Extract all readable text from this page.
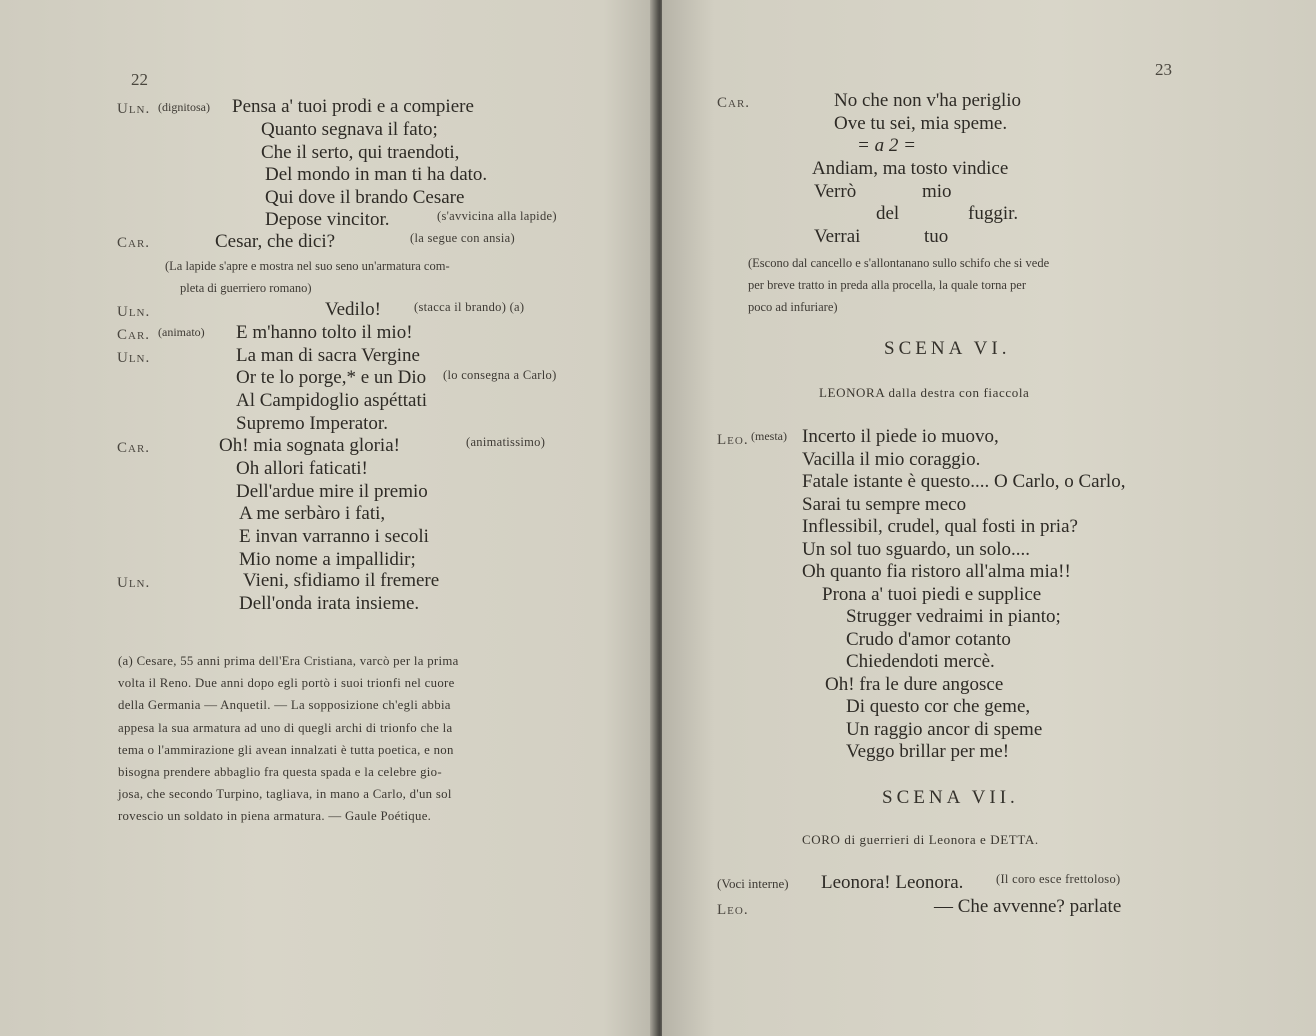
22
Uln. (dignitosa) Pensa a' tuoi prodi e a compiere
Quanto segnava il fato;
Che il serto, qui traendoti,
Del mondo in man ti ha dato.
Qui dove il brando Cesare
Depose vincitor.	(s'avvicina alla lapide)
Car.	Cesar, che dici?	(la segue con ansia)
(La lapide s'apre e mostra nel suo seno un'armatura com-
pleta di guerriero romano)
Uln.	Vedilo!	(stacca il brando) (a)
Car. (animato) E m'hanno tolto il mio!
Uln.	La man di sacra Vergine
Or te lo porge,* e un Dio (lo consegna a Carlo)
Al Campidoglio aspéttati
Supremo Imperator.
Car.	Oh! mia sognata gloria!	(animatissimo)
Oh allori faticati!
Dell'ardue mire il premio
A me serbàro i fati,
E invan varranno i secoli
Mio nome a impallidir;
Uln.	Vieni, sfidiamo il fremere
Dell'onda irata insieme.
(a) Cesare, 55 anni prima dell'Era Cristiana, varcò per la prima
volta il Reno. Due anni dopo egli portò i suoi trionfi nel cuore
della Germania — Anquetil. — La sopposizione ch'egli abbia
appesa la sua armatura ad uno di quegli archi di trionfo che la
tema o l'ammirazione gli avean innalzati è tutta poetica, e non
bisogna prendere abbaglio fra questa spada e la celebre gio-
josa, che secondo Turpino, tagliava, in mano a Carlo, d'un sol
rovescio un soldato in piena armatura. — Gaule Poétique.
23
Car.	No che non v'ha periglio
Ove tu sei, mia speme.
= a 2 =
Andiam, ma tosto vindice
Verrò	mio
del	fuggir.
Verrai	tuo
(Escono dal cancello e s'allontanano sullo schifo che si vede
per breve tratto in preda alla procella, la quale torna per
poco ad infuriare)
SCENA VI.
LEONORA dalla destra con fiaccola
Leo. (mesta) Incerto il piede io muovo,
Vacilla il mio coraggio.
Fatale istante è questo.... O Carlo, o Carlo,
Sarai tu sempre meco
Inflessibil, crudel, qual fosti in pria?
Un sol tuo sguardo, un solo....
Oh quanto fia ristoro all'alma mia!!
Prona a' tuoi piedi e supplice
Strugger vedraimi in pianto;
Crudo d'amor cotanto
Chiedendoti mercè.
Oh! fra le dure angosce
Di questo cor che geme,
Un raggio ancor di speme
Veggo brillar per me!
SCENA VII.
CORO di guerrieri di Leonora e DETTA.
(Voci interne) Leonora! Leonora.	(Il coro esce frettoloso)
Leo.	— Che avvenne? parlate
